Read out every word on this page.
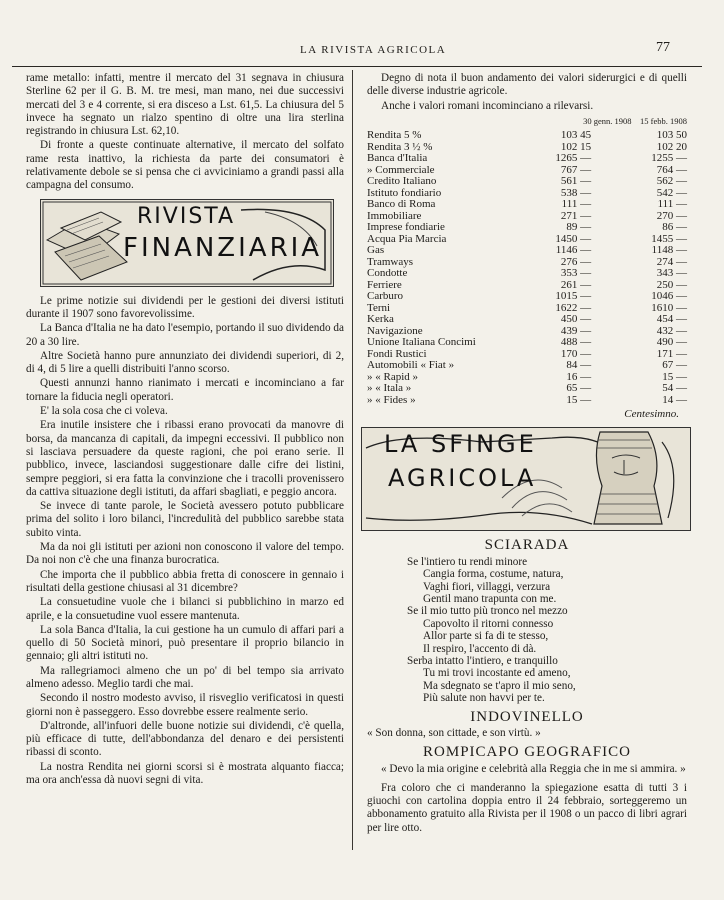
LA RIVISTA AGRICOLA	77

rame metallo: infatti, mentre il mercato del 31 segnava in chiusura Sterline 62 per il G. B. M. tre mesi, man mano, nei due successivi mercati del 3 e 4 corrente, si era disceso a Lst. 61,5. La chiusura del 5 invece ha segnato un rialzo spentino di oltre una lira sterlina registrando in chiusura Lst. 62,10.

Di fronte a queste continuate alternative, il mercato del solfato rame resta inattivo, la richiesta da parte dei consumatori è relativamente debole se si pensa che ci avviciniamo a grandi passi alla campagna del consumo.

RIVISTA
FINANZIARIA

Le prime notizie sui dividendi per le gestioni dei diversi istituti durante il 1907 sono favorevolissime.

La Banca d'Italia ne ha dato l'esempio, portando il suo dividendo da 20 a 30 lire.

Altre Società hanno pure annunziato dei dividendi superiori, di 2, di 4, di 5 lire a quelli distribuiti l'anno scorso.

Questi annunzi hanno rianimato i mercati e incominciano a far tornare la fiducia negli operatori.

E' la sola cosa che ci voleva.

Era inutile insistere che i ribassi erano provocati da manovre di borsa, da mancanza di capitali, da impegni eccessivi. Il pubblico non si lasciava persuadere da queste ragioni, che poi erano serie. Il pubblico, invece, lasciandosi suggestionare dalle cifre dei listini, sempre peggiori, si era fatta la convinzione che i tracolli provenissero da cattiva situazione degli istituti, da affari sbagliati, e peggio ancora.

Se invece di tante parole, le Società avessero potuto pubblicare prima del solito i loro bilanci, l'incredulità del pubblico sarebbe stata subito vinta.

Ma da noi gli istituti per azioni non conoscono il valore del tempo. Da noi non c'è che una finanza burocratica.

Che importa che il pubblico abbia fretta di conoscere in gennaio i risultati della gestione chiusasi al 31 dicembre?

La consuetudine vuole che i bilanci si pubblichino in marzo ed aprile, e la consuetudine vuol essere mantenuta.

La sola Banca d'Italia, la cui gestione ha un cumulo di affari pari a quello di 50 Società minori, può presentare il proprio bilancio in gennaio; gli altri istituti no.

Ma rallegriamoci almeno che un po' di bel tempo sia arrivato almeno adesso. Meglio tardi che mai.

Secondo il nostro modesto avviso, il risveglio verificatosi in questi giorni non è passeggero. Esso dovrebbe essere realmente serio.

D'altronde, all'infuori delle buone notizie sui dividendi, c'è quella, più efficace di tutte, dell'abbondanza del denaro e dei persistenti ribassi di sconto.

La nostra Rendita nei giorni scorsi si è mostrata alquanto fiacca; ma ora anch'essa dà nuovi segni di vita.

Degno di nota il buon andamento dei valori siderurgici e di quelli delle diverse industrie agricole.

Anche i valori romani incominciano a rilevarsi.

30 genn. 1908 15 febb. 1908
Rendita 5 %	103 45	103 50
Rendita 3 ½ %	102 15	102 20
Banca d'Italia	1265 —	1255 —
» Commerciale	767 —	764 —
Credito Italiano	561 —	562 —
Istituto fondiario	538 —	542 —
Banco di Roma	111 —	111 —
Immobiliare	271 —	270 —
Imprese fondiarie	89 —	86 —
Acqua Pia Marcia	1450 —	1455 —
Gas	1146 —	1148 —
Tramways	276 —	274 —
Condotte	353 —	343 —
Ferriere	261 —	250 —
Carburo	1015 —	1046 —
Terni	1622 —	1610 —
Kerka	450 —	454 —
Navigazione	439 —	432 —
Unione Italiana Concimi	488 —	490 —
Fondi Rustici	170 —	171 —
Automobili « Fiat »	84 —	67 —
» « Rapid »	16 —	15 —
» « Itala »	65 —	54 —
» « Fides »	15 —	14 —
Centesimno.
LA SFINGE
AGRICOLA
SCIARADA
Se l'intiero tu rendi minore
Cangia forma, costume, natura,
Vaghi fiori, villaggi, verzura
Gentil mano trapunta con me.
Se il mio tutto più tronco nel mezzo
Capovolto il ritorni connesso
Allor parte si fa di te stesso,
Il respiro, l'accento di dà.
Serba intatto l'intiero, e tranquillo
Tu mi trovi incostante ed ameno,
Ma sdegnato se t'apro il mio seno,
Più salute non havvi per te.
INDOVINELLO

« Son donna, son cittade, e son virtù. »

ROMPICAPO GEOGRAFICO

« Devo la mia origine e celebrità alla Reggia che in me si ammira. »

Fra coloro che ci manderanno la spiegazione esatta di tutti 3 i giuochi con cartolina doppia entro il 24 febbraio, sorteggeremo un abbonamento gratuito alla Rivista per il 1908 o un pacco di libri agrari per lire otto.
